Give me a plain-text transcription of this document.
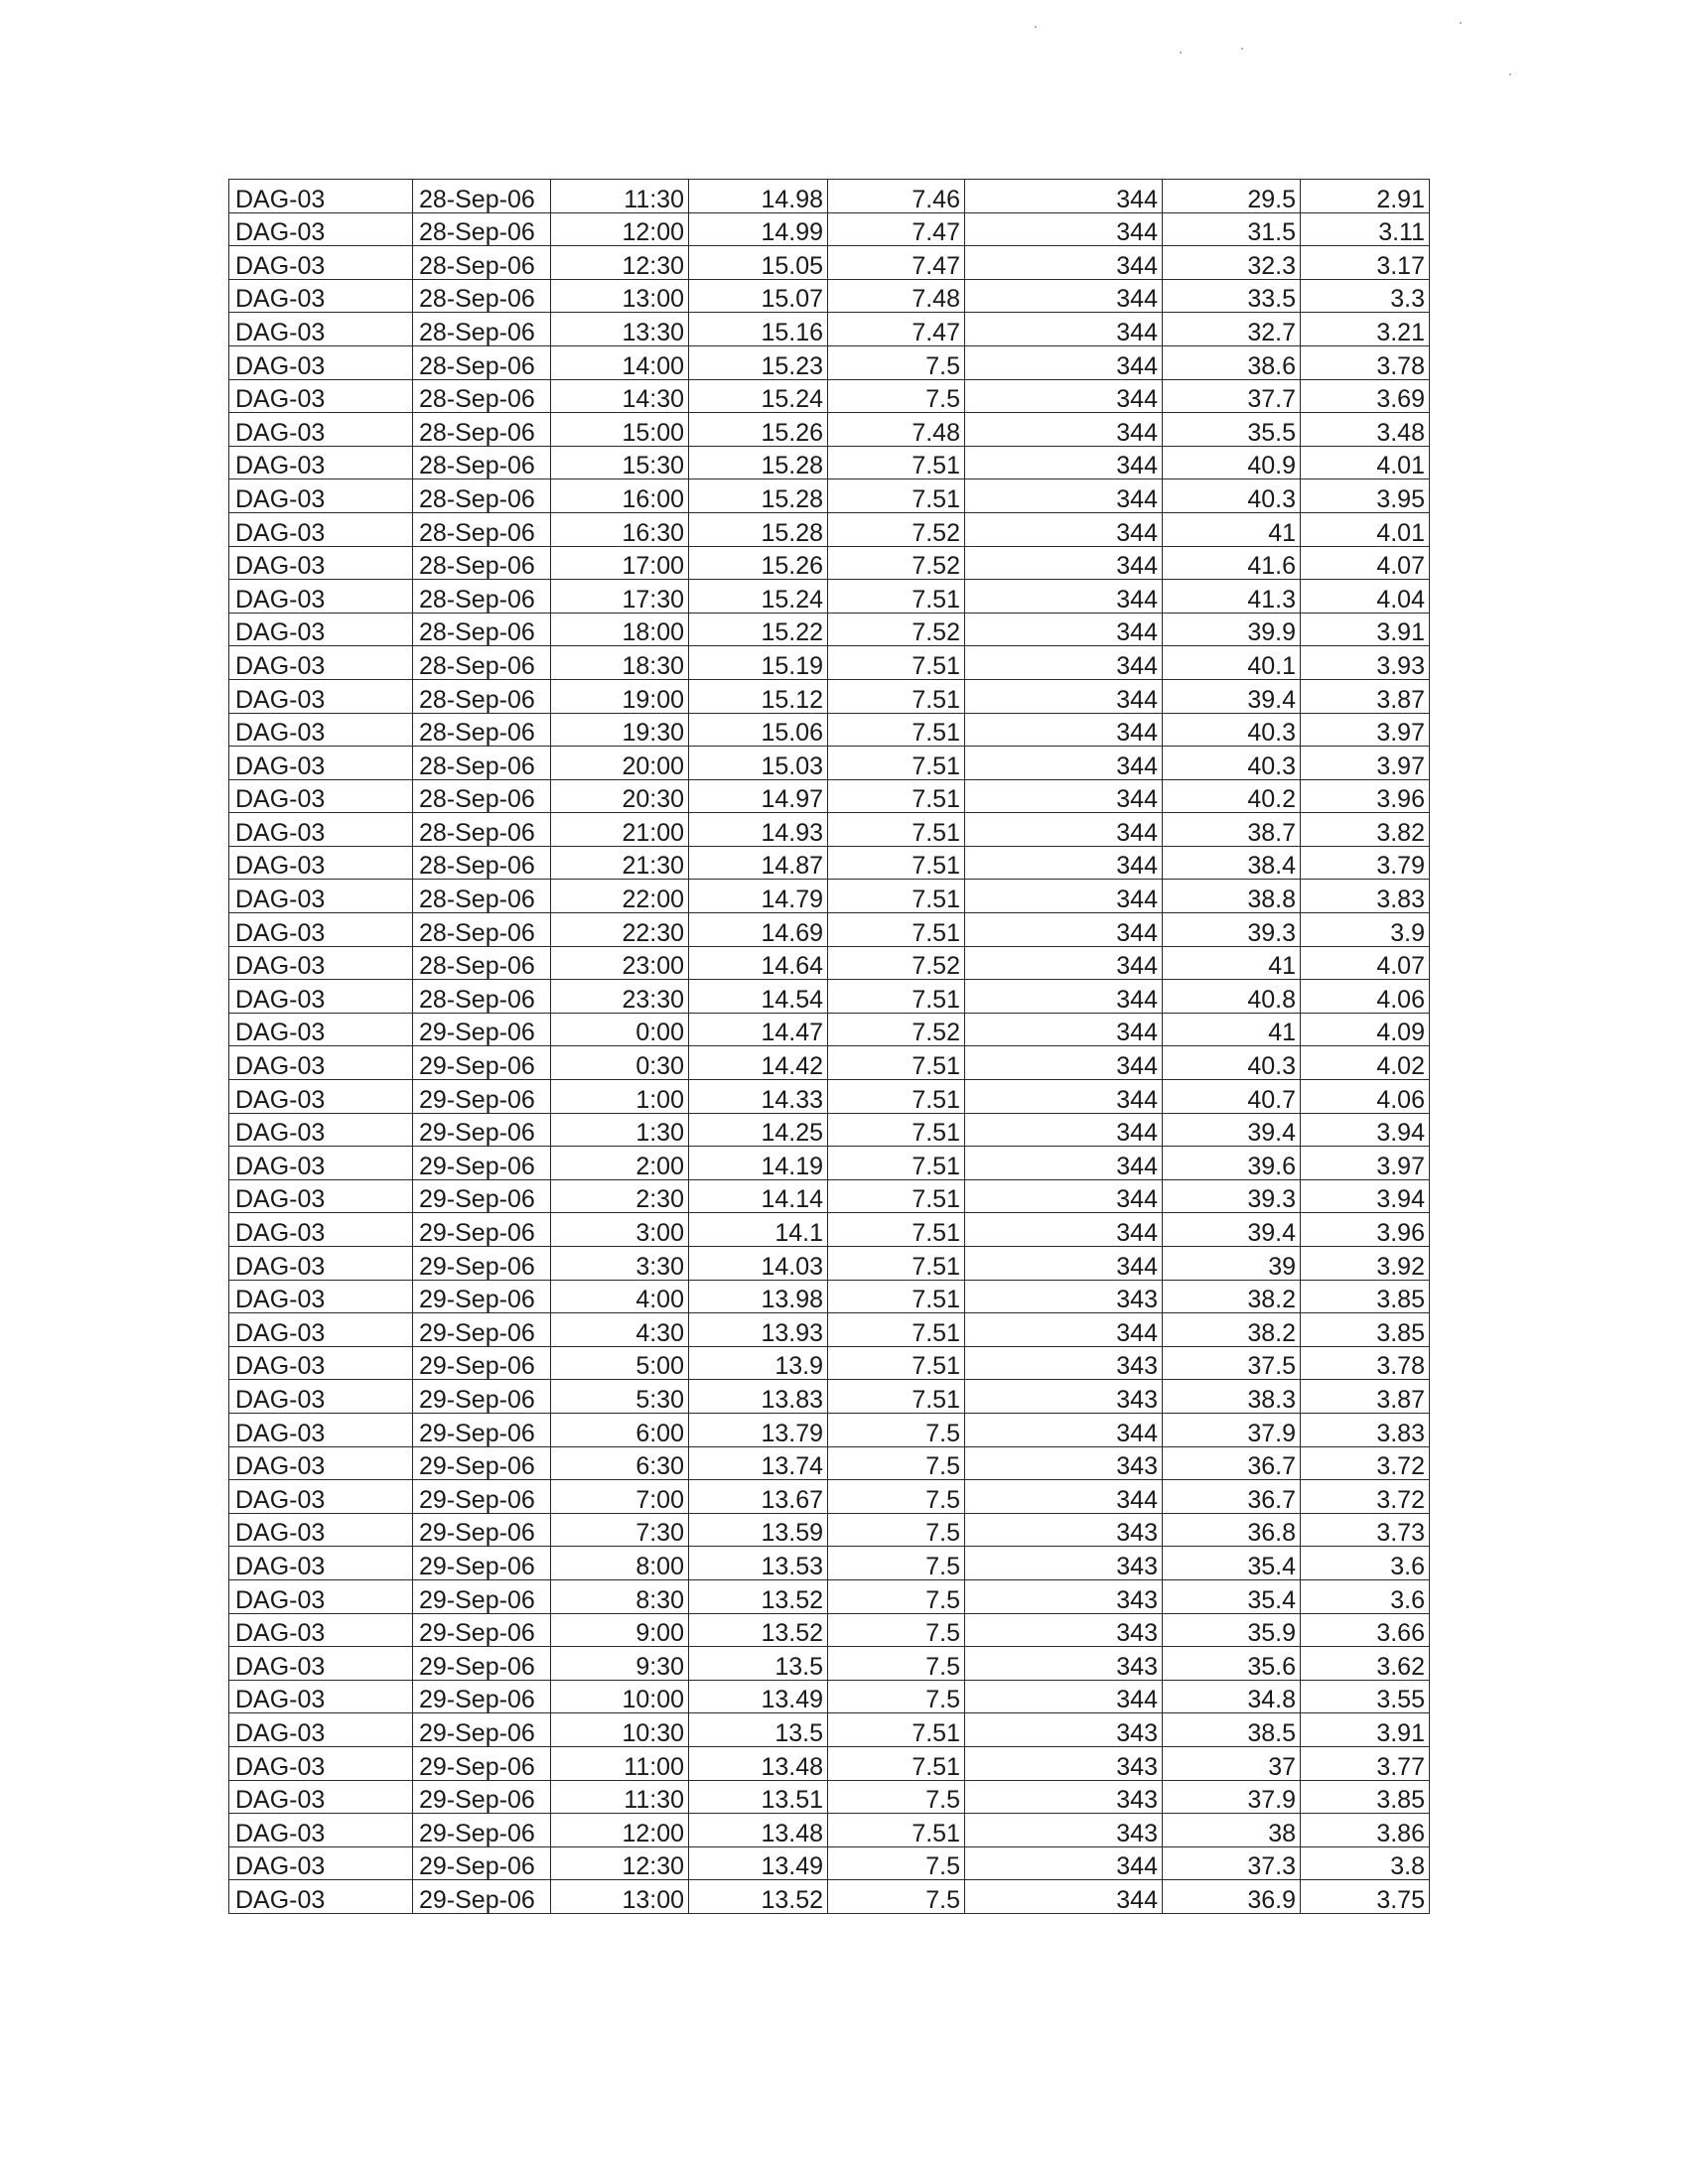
DAG-03	28-Sep-06	11:30	14.98	7.46	344	29.5	2.91
DAG-03	28-Sep-06	12:00	14.99	7.47	344	31.5	3.11
DAG-03	28-Sep-06	12:30	15.05	7.47	344	32.3	3.17
DAG-03	28-Sep-06	13:00	15.07	7.48	344	33.5	3.3
DAG-03	28-Sep-06	13:30	15.16	7.47	344	32.7	3.21
DAG-03	28-Sep-06	14:00	15.23	7.5	344	38.6	3.78
DAG-03	28-Sep-06	14:30	15.24	7.5	344	37.7	3.69
DAG-03	28-Sep-06	15:00	15.26	7.48	344	35.5	3.48
DAG-03	28-Sep-06	15:30	15.28	7.51	344	40.9	4.01
DAG-03	28-Sep-06	16:00	15.28	7.51	344	40.3	3.95
DAG-03	28-Sep-06	16:30	15.28	7.52	344	41	4.01
DAG-03	28-Sep-06	17:00	15.26	7.52	344	41.6	4.07
DAG-03	28-Sep-06	17:30	15.24	7.51	344	41.3	4.04
DAG-03	28-Sep-06	18:00	15.22	7.52	344	39.9	3.91
DAG-03	28-Sep-06	18:30	15.19	7.51	344	40.1	3.93
DAG-03	28-Sep-06	19:00	15.12	7.51	344	39.4	3.87
DAG-03	28-Sep-06	19:30	15.06	7.51	344	40.3	3.97
DAG-03	28-Sep-06	20:00	15.03	7.51	344	40.3	3.97
DAG-03	28-Sep-06	20:30	14.97	7.51	344	40.2	3.96
DAG-03	28-Sep-06	21:00	14.93	7.51	344	38.7	3.82
DAG-03	28-Sep-06	21:30	14.87	7.51	344	38.4	3.79
DAG-03	28-Sep-06	22:00	14.79	7.51	344	38.8	3.83
DAG-03	28-Sep-06	22:30	14.69	7.51	344	39.3	3.9
DAG-03	28-Sep-06	23:00	14.64	7.52	344	41	4.07
DAG-03	28-Sep-06	23:30	14.54	7.51	344	40.8	4.06
DAG-03	29-Sep-06	0:00	14.47	7.52	344	41	4.09
DAG-03	29-Sep-06	0:30	14.42	7.51	344	40.3	4.02
DAG-03	29-Sep-06	1:00	14.33	7.51	344	40.7	4.06
DAG-03	29-Sep-06	1:30	14.25	7.51	344	39.4	3.94
DAG-03	29-Sep-06	2:00	14.19	7.51	344	39.6	3.97
DAG-03	29-Sep-06	2:30	14.14	7.51	344	39.3	3.94
DAG-03	29-Sep-06	3:00	14.1	7.51	344	39.4	3.96
DAG-03	29-Sep-06	3:30	14.03	7.51	344	39	3.92
DAG-03	29-Sep-06	4:00	13.98	7.51	343	38.2	3.85
DAG-03	29-Sep-06	4:30	13.93	7.51	344	38.2	3.85
DAG-03	29-Sep-06	5:00	13.9	7.51	343	37.5	3.78
DAG-03	29-Sep-06	5:30	13.83	7.51	343	38.3	3.87
DAG-03	29-Sep-06	6:00	13.79	7.5	344	37.9	3.83
DAG-03	29-Sep-06	6:30	13.74	7.5	343	36.7	3.72
DAG-03	29-Sep-06	7:00	13.67	7.5	344	36.7	3.72
DAG-03	29-Sep-06	7:30	13.59	7.5	343	36.8	3.73
DAG-03	29-Sep-06	8:00	13.53	7.5	343	35.4	3.6
DAG-03	29-Sep-06	8:30	13.52	7.5	343	35.4	3.6
DAG-03	29-Sep-06	9:00	13.52	7.5	343	35.9	3.66
DAG-03	29-Sep-06	9:30	13.5	7.5	343	35.6	3.62
DAG-03	29-Sep-06	10:00	13.49	7.5	344	34.8	3.55
DAG-03	29-Sep-06	10:30	13.5	7.51	343	38.5	3.91
DAG-03	29-Sep-06	11:00	13.48	7.51	343	37	3.77
DAG-03	29-Sep-06	11:30	13.51	7.5	343	37.9	3.85
DAG-03	29-Sep-06	12:00	13.48	7.51	343	38	3.86
DAG-03	29-Sep-06	12:30	13.49	7.5	344	37.3	3.8
DAG-03	29-Sep-06	13:00	13.52	7.5	344	36.9	3.75
